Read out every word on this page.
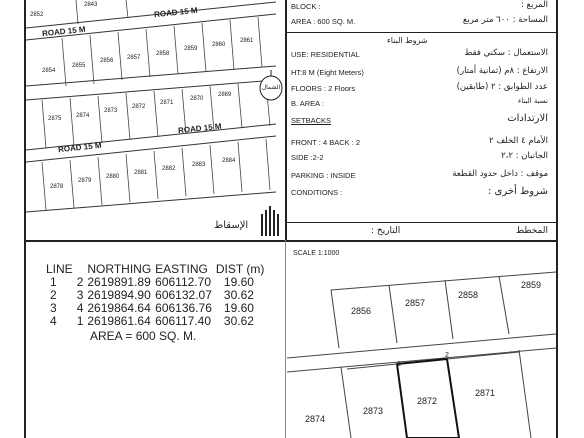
ROAD 15 M
ROAD 15 M
ROAD 15 M
ROAD 15 M
2852
2843
2854
2855
2856 2857
2858
2859
2860
2861
2875 2874
2873
2872
2871
2870
2869
2878
2879
2880
2881
2882
2883
2884
الإسقاط
الشمال
BLOCK :	المربع :
AREA : 600 SQ. M.	المساحة : ٦٠٠ متر مربع
شروط البناء
USE: RESIDENTIAL	الاستعمال : سكني فقط
HT:8 M (Eight Meters)	الارتفاع : ٨م (ثمانية أمتار)
FLOORS : 2 Floors	عدد الطوابق : ٢ (طابقين)
B. AREA :	نسبة البناء
SETBACKS	الارتدادات
FRONT : 4 BACK : 2	الأمام ٤ الخلف ٢
SIDE :2-2	الجانبان : ٢،٢
PARKING : INSIDE	موقف : داخل حدود القطعة
CONDITIONS :	شروط أخرى :
التاريخ :	المخطط
LINE		NORTHING	EASTING	DIST (m)
1	2	2619891.89	606112.70	19.60
2	3	2619894.90	606132.07	30.62
3	4	2619864.64	606136.76	19.60
4	1	2619861.64	606117.40	30.62
AREA = 600 SQ. M.
SCALE 1:1000
2856
2857
2858
2859
2874
2873
2872
2871
1
2
